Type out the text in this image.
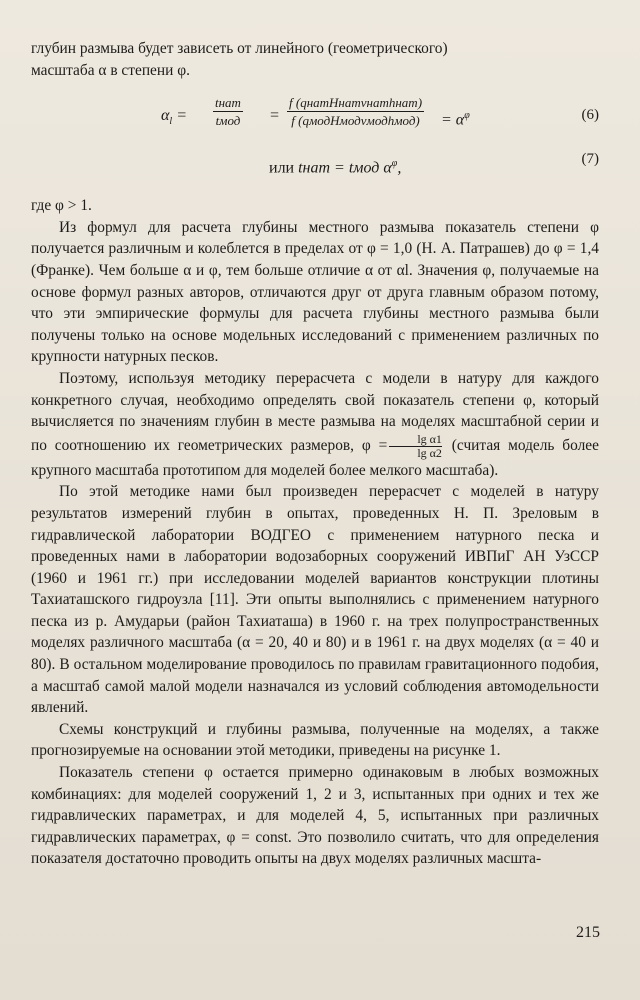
глубин размыва будет зависеть от линейного (геометрического)

масштаба α в степени φ.

$\alpha_l$ =
tнат
tмод =
f (qнатHнатvнатhнат)
f (qмодHмодvмодhмод) = $\alpha^\varphi$	(6)
или tнат = tмод $\alpha^\varphi$,
(7)

где φ > 1.

Из формул для расчета глубины местного размыва показатель степени φ получается различным и колеблется в пределах от φ = 1,0 (Н. А. Патрашев) до φ = 1,4 (Франке). Чем больше α и φ, тем больше отличие α от αl. Значения φ, получаемые на основе формул разных авторов, отличаются друг от друга главным образом потому, что эти эмпирические формулы для расчета глубины местного размыва были получены только на основе модельных исследований с применением различных по крупности натурных песков.

Поэтому, используя методику перерасчета с модели в натуру для каждого конкретного случая, необходимо определять свой показатель степени φ, который вычисляется по значениям глубин в месте размыва на моделях масштабной серии и по соотношению их геометрических размеров, $\varphi = \frac{\text{lg α1}}{\text{lg α2}}$ (считая модель более крупного масштаба прототипом для моделей более мелкого масштаба).

По этой методике нами был произведен перерасчет с моделей в натуру результатов измерений глубин в опытах, проведенных Н. П. Зреловым в гидравлической лаборатории ВОДГЕО с применением натурного песка и проведенных нами в лаборатории водозаборных сооружений ИВПиГ АН УзССР (1960 и 1961 гг.) при исследовании моделей вариантов конструкции плотины Тахиаташского гидроузла [11]. Эти опыты выполнялись с применением натурного песка из р. Амударьи (район Тахиаташа) в 1960 г. на трех полупространственных моделях различного масштаба (α = 20, 40 и 80) и в 1961 г. на двух моделях (α = 40 и 80). В остальном моделирование проводилось по правилам гравитационного подобия, а масштаб самой малой модели назначался из условий соблюдения автомодельности явлений.

Схемы конструкций и глубины размыва, полученные на моделях, а также прогнозируемые на основании этой методики, приведены на рисунке 1.

Показатель степени φ остается примерно одинаковым в любых возможных комбинациях: для моделей сооружений 1, 2 и 3, испытанных при одних и тех же гидравлических параметрах, и для моделей 4, 5, испытанных при различных гидравлических параметрах, φ = const. Это позволило считать, что для определения показателя достаточно проводить опыты на двух моделях различных масшта-

215
